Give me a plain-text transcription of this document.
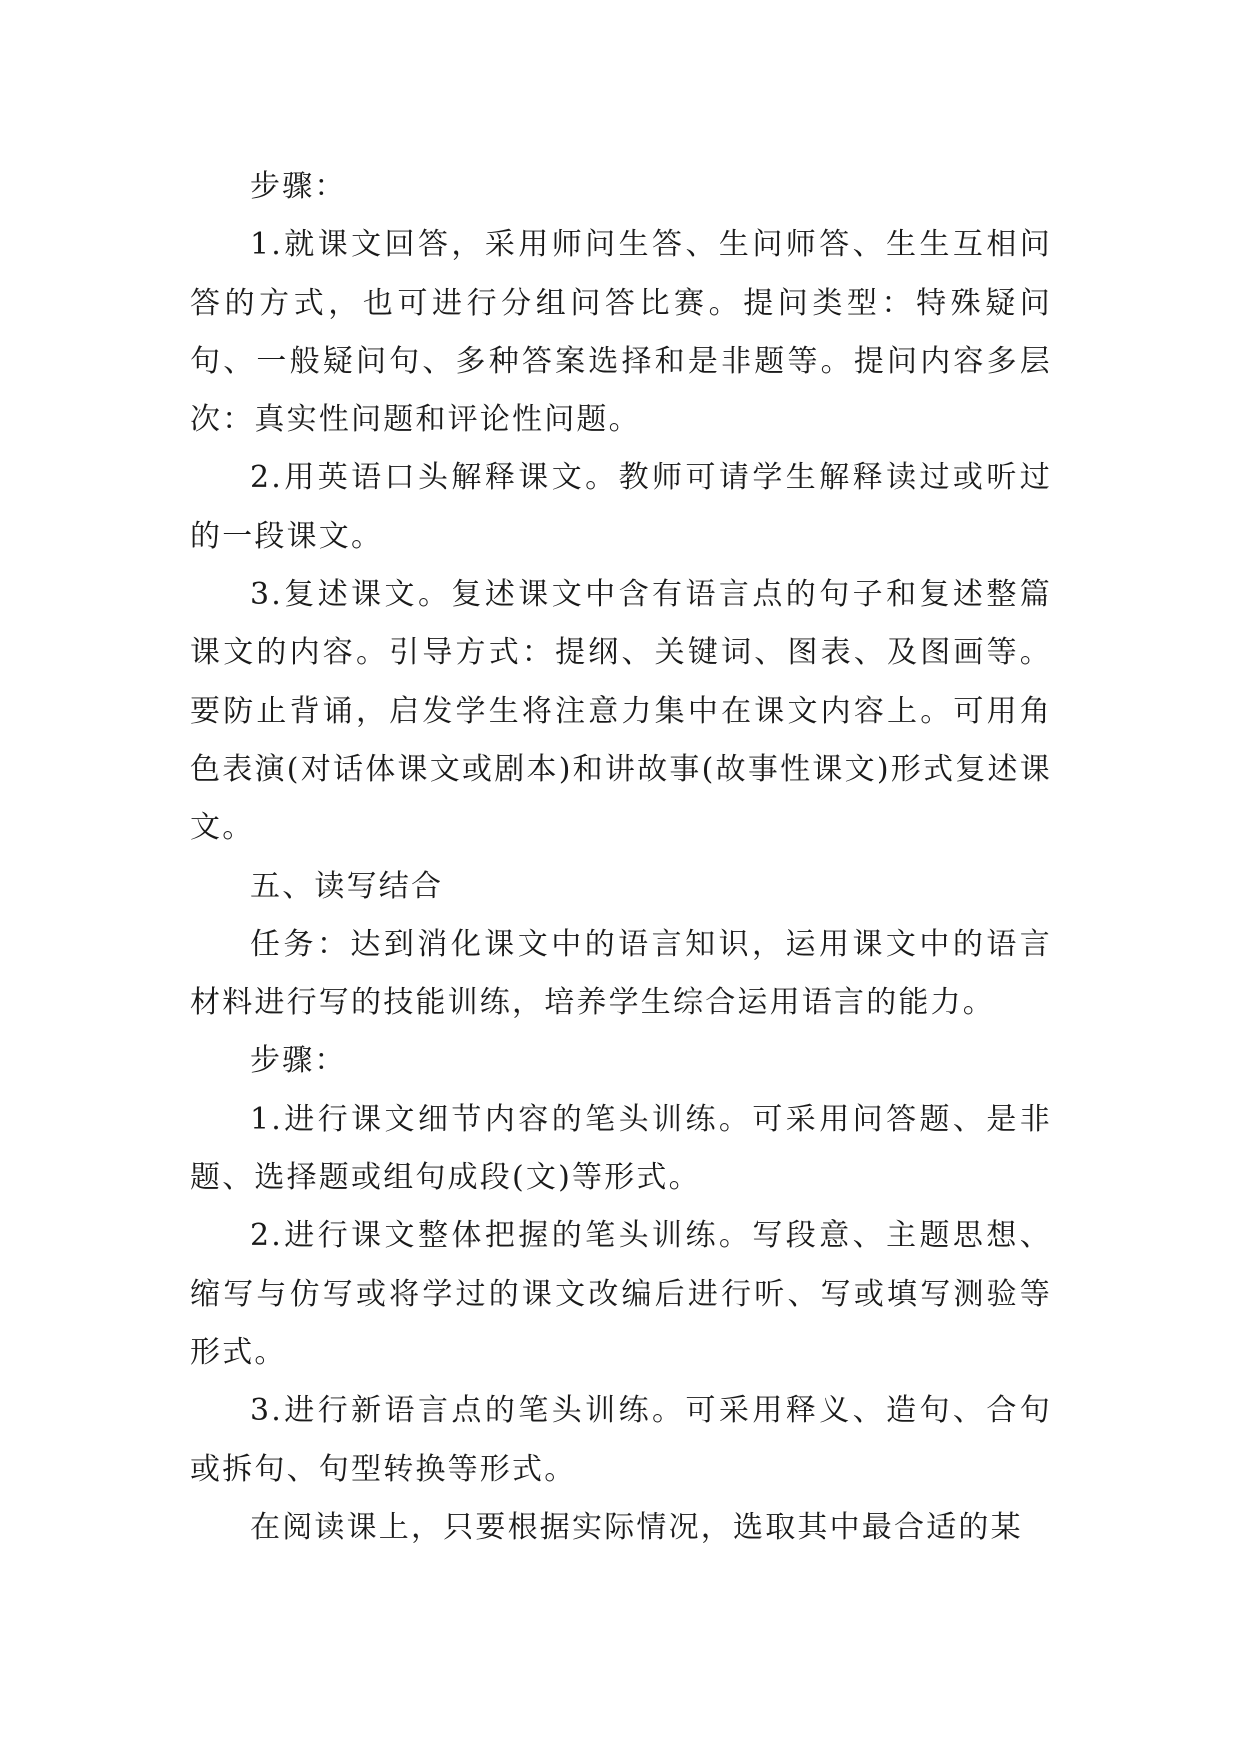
步骤：

1.就课文回答，采用师问生答、生问师答、生生互相问答的方式，也可进行分组问答比赛。提问类型：特殊疑问句、一般疑问句、多种答案选择和是非题等。提问内容多层次：真实性问题和评论性问题。

2.用英语口头解释课文。教师可请学生解释读过或听过的一段课文。

3.复述课文。复述课文中含有语言点的句子和复述整篇课文的内容。引导方式：提纲、关键词、图表、及图画等。要防止背诵，启发学生将注意力集中在课文内容上。可用角色表演(对话体课文或剧本)和讲故事(故事性课文)形式复述课文。

五、读写结合

任务：达到消化课文中的语言知识，运用课文中的语言材料进行写的技能训练，培养学生综合运用语言的能力。

步骤：

1.进行课文细节内容的笔头训练。可采用问答题、是非题、选择题或组句成段(文)等形式。

2.进行课文整体把握的笔头训练。写段意、主题思想、缩写与仿写或将学过的课文改编后进行听、写或填写测验等形式。

3.进行新语言点的笔头训练。可采用释义、造句、合句或拆句、句型转换等形式。

在阅读课上，只要根据实际情况，选取其中最合适的某
